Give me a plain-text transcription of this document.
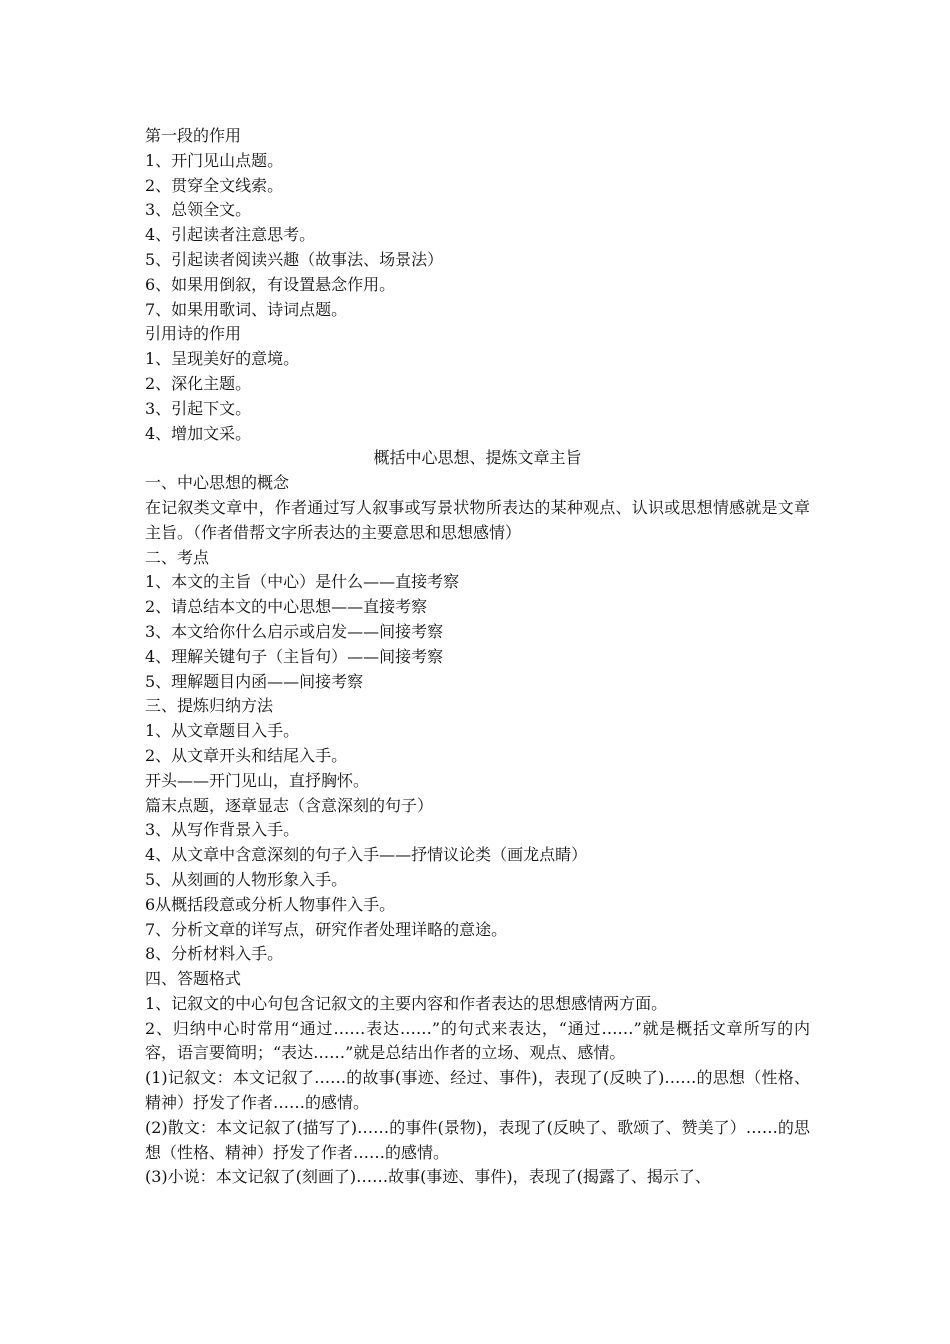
第一段的作用

1、开门见山点题。

2、贯穿全文线索。

3、总领全文。

4、引起读者注意思考。

5、引起读者阅读兴趣（故事法、场景法）

6、如果用倒叙，有设置悬念作用。

7、如果用歌词、诗词点题。

引用诗的作用

1、呈现美好的意境。

2、深化主题。

3、引起下文。

4、增加文采。

概括中心思想、提炼文章主旨

一、中心思想的概念

在记叙类文章中，作者通过写人叙事或写景状物所表达的某种观点、认识或思想情感就是文章主旨。（作者借帮文字所表达的主要意思和思想感情）

二、考点

1、本文的主旨（中心）是什么——直接考察

2、请总结本文的中心思想——直接考察

3、本文给你什么启示或启发——间接考察

4、理解关键句子（主旨句）——间接考察

5、理解题目内函——间接考察

三、提炼归纳方法

1、从文章题目入手。

2、从文章开头和结尾入手。

开头——开门见山，直抒胸怀。

篇末点题，逐章显志（含意深刻的句子）

3、从写作背景入手。

4、从文章中含意深刻的句子入手——抒情议论类（画龙点睛）

5、从刻画的人物形象入手。

6从概括段意或分析人物事件入手。

7、分析文章的详写点，研究作者处理详略的意途。

8、分析材料入手。

四、答题格式

1、记叙文的中心句包含记叙文的主要内容和作者表达的思想感情两方面。

2、归纳中心时常用“通过……表达……”的句式来表达，“通过……”就是概括文章所写的内容，语言要简明；“表达……”就是总结出作者的立场、观点、感情。

(1)记叙文：本文记叙了……的故事(事迹、经过、事件)，表现了(反映了)……的思想（性格、精神）抒发了作者……的感情。

(2)散文：本文记叙了(描写了)……的事件(景物)，表现了(反映了、歌颂了、赞美了）……的思想（性格、精神）抒发了作者……的感情。

(3)小说：本文记叙了(刻画了)……故事(事迹、事件)，表现了(揭露了、揭示了、
